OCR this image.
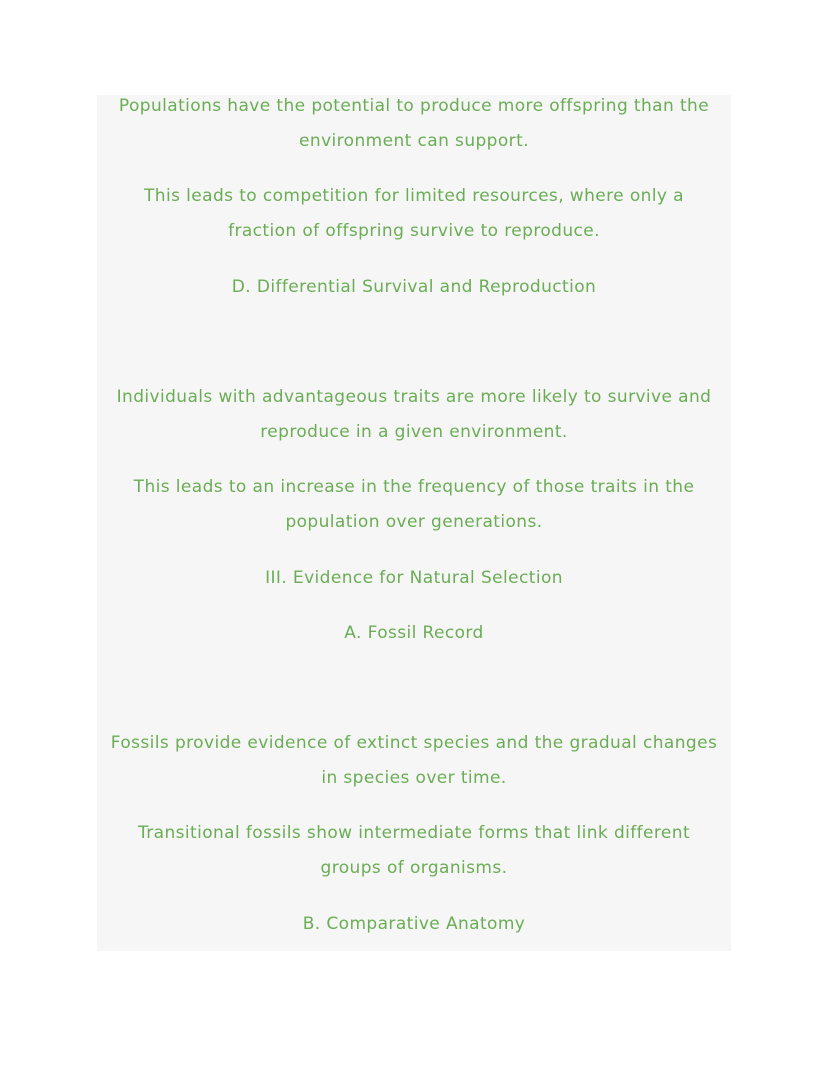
Populations have the potential to produce more offspring than the
environment can support.

This leads to competition for limited resources, where only a
fraction of offspring survive to reproduce.

D. Differential Survival and Reproduction

Individuals with advantageous traits are more likely to survive and
reproduce in a given environment.

This leads to an increase in the frequency of those traits in the
population over generations.

III. Evidence for Natural Selection

A. Fossil Record

Fossils provide evidence of extinct species and the gradual changes
in species over time.

Transitional fossils show intermediate forms that link different
groups of organisms.

B. Comparative Anatomy
